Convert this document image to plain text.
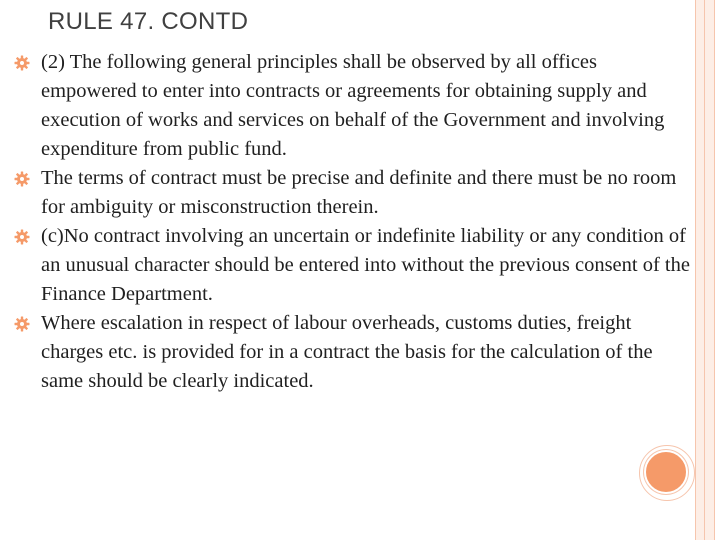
RULE 47. CONTD
(2) The following general principles shall be observed by all offices empowered to enter into contracts or agreements for obtaining supply and execution of works and services on behalf of the Government and involving expenditure from public fund.
The terms of contract must be precise and definite and there must be no room for ambiguity or misconstruction therein.
(c)No contract involving an uncertain or indefinite liability or any condition of an unusual character should be entered into without the previous consent of the Finance Department.
Where escalation in respect of labour overheads, customs duties, freight charges etc. is provided for in a contract the basis for the calculation of the same should be clearly indicated.
